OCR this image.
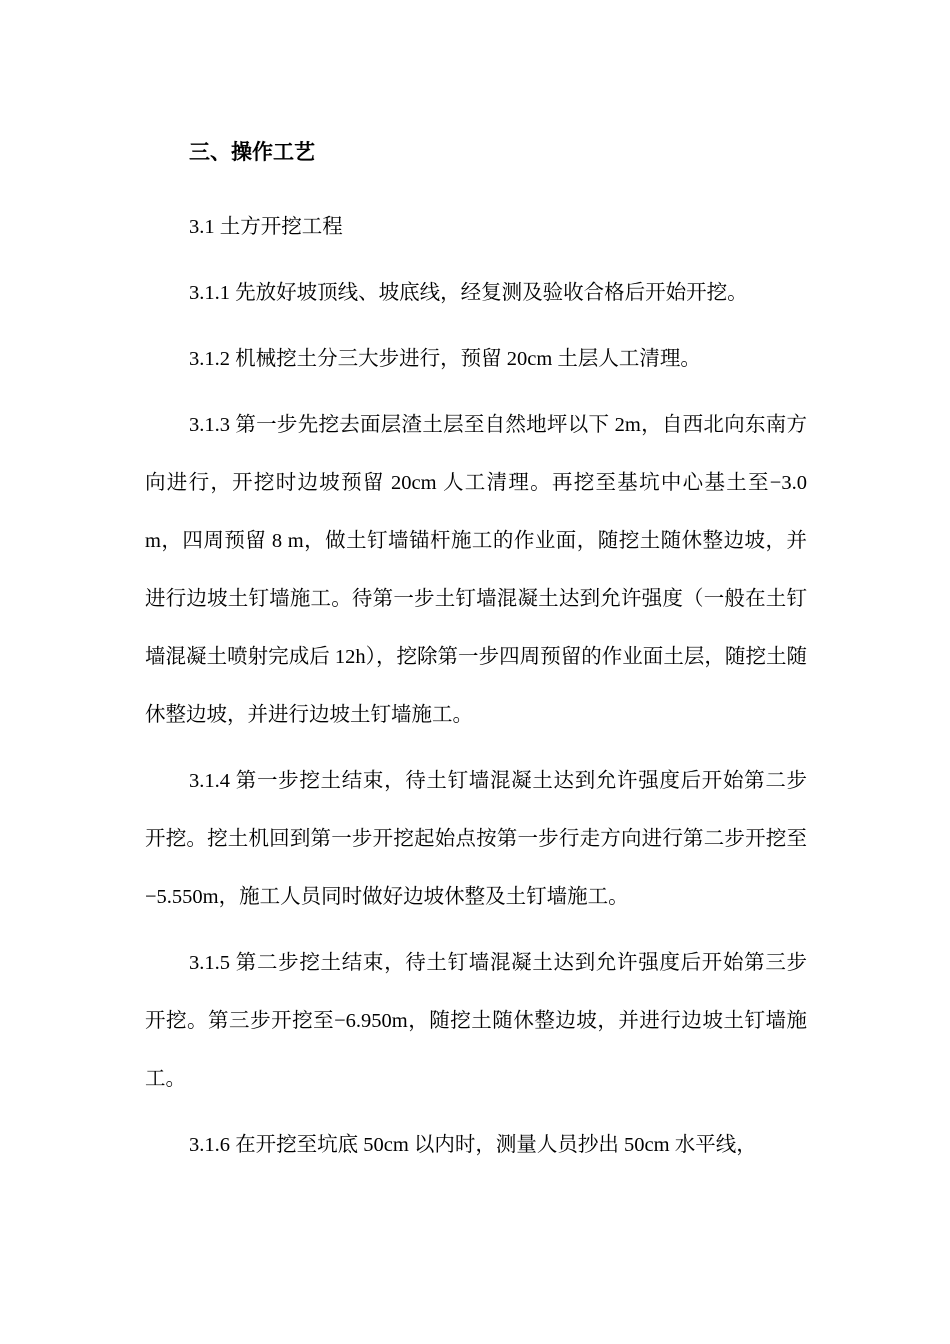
三、操作工艺

3.1 土方开挖工程

3.1.1 先放好坡顶线、坡底线，经复测及验收合格后开始开挖。

3.1.2 机械挖土分三大步进行，预留 20cm 土层人工清理。

3.1.3 第一步先挖去面层渣土层至自然地坪以下 2m，自西北向东南方向进行，开挖时边坡预留 20cm 人工清理。再挖至基坑中心基土至−3.0 m，四周预留 8 m，做土钉墙锚杆施工的作业面，随挖土随休整边坡，并进行边坡土钉墙施工。待第一步土钉墙混凝土达到允许强度（一般在土钉墙混凝土喷射完成后 12h），挖除第一步四周预留的作业面土层，随挖土随休整边坡，并进行边坡土钉墙施工。

3.1.4 第一步挖土结束，待土钉墙混凝土达到允许强度后开始第二步开挖。挖土机回到第一步开挖起始点按第一步行走方向进行第二步开挖至−5.550m，施工人员同时做好边坡休整及土钉墙施工。

3.1.5 第二步挖土结束，待土钉墙混凝土达到允许强度后开始第三步开挖。第三步开挖至−6.950m，随挖土随休整边坡，并进行边坡土钉墙施工。

3.1.6 在开挖至坑底 50cm 以内时，测量人员抄出 50cm 水平线，
